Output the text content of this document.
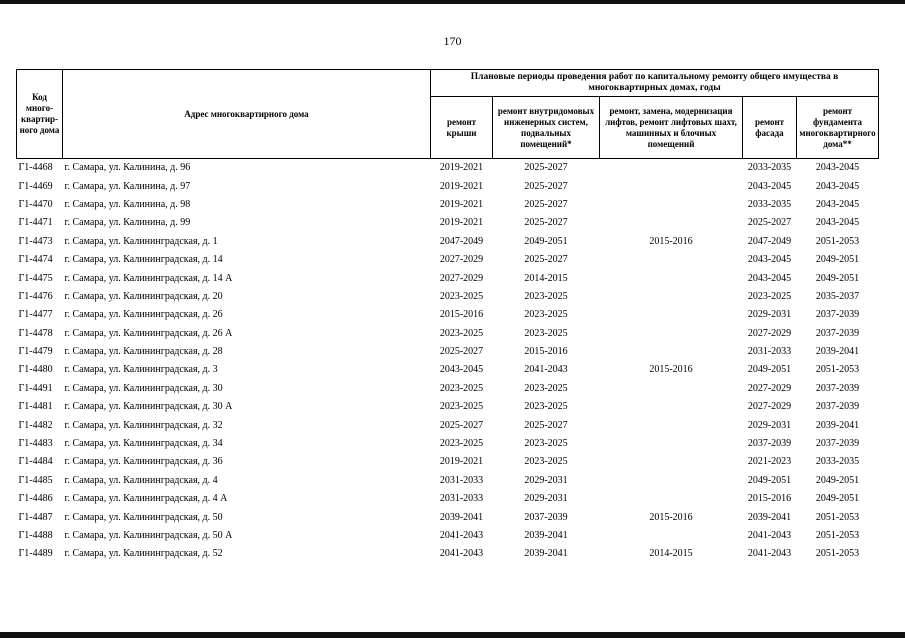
170
Код много-квартир-ного дома	Адрес многоквартирного дома	Плановые периоды проведения работ по капитальному ремонту общего имущества в многоквартирных домах, годы				
		ремонт крыши	ремонт внутридомовых инженерных систем, подвальных помещений*	ремонт, замена, модернизация лифтов, ремонт лифтовых шахт, машинных и блочных помещений	ремонт фасада	ремонт фундамента многоквартирного дома**
Г1-4468	г. Самара, ул. Калинина, д. 96	2019-2021	2025-2027		2033-2035	2043-2045
Г1-4469	г. Самара, ул. Калинина, д. 97	2019-2021	2025-2027		2043-2045	2043-2045
Г1-4470	г. Самара, ул. Калинина, д. 98	2019-2021	2025-2027		2033-2035	2043-2045
Г1-4471	г. Самара, ул. Калинина, д. 99	2019-2021	2025-2027		2025-2027	2043-2045
Г1-4473	г. Самара, ул. Калининградская, д. 1	2047-2049	2049-2051	2015-2016	2047-2049	2051-2053
Г1-4474	г. Самара, ул. Калининградская, д. 14	2027-2029	2025-2027		2043-2045	2049-2051
Г1-4475	г. Самара, ул. Калининградская, д. 14 А	2027-2029	2014-2015		2043-2045	2049-2051
Г1-4476	г. Самара, ул. Калининградская, д. 20	2023-2025	2023-2025		2023-2025	2035-2037
Г1-4477	г. Самара, ул. Калининградская, д. 26	2015-2016	2023-2025		2029-2031	2037-2039
Г1-4478	г. Самара, ул. Калининградская, д. 26 А	2023-2025	2023-2025		2027-2029	2037-2039
Г1-4479	г. Самара, ул. Калининградская, д. 28	2025-2027	2015-2016		2031-2033	2039-2041
Г1-4480	г. Самара, ул. Калининградская, д. 3	2043-2045	2041-2043	2015-2016	2049-2051	2051-2053
Г1-4491	г. Самара, ул. Калининградская, д. 30	2023-2025	2023-2025		2027-2029	2037-2039
Г1-4481	г. Самара, ул. Калининградская, д. 30 А	2023-2025	2023-2025		2027-2029	2037-2039
Г1-4482	г. Самара, ул. Калининградская, д. 32	2025-2027	2025-2027		2029-2031	2039-2041
Г1-4483	г. Самара, ул. Калининградская, д. 34	2023-2025	2023-2025		2037-2039	2037-2039
Г1-4484	г. Самара, ул. Калининградская, д. 36	2019-2021	2023-2025		2021-2023	2033-2035
Г1-4485	г. Самара, ул. Калининградская, д. 4	2031-2033	2029-2031		2049-2051	2049-2051
Г1-4486	г. Самара, ул. Калининградская, д. 4 А	2031-2033	2029-2031		2015-2016	2049-2051
Г1-4487	г. Самара, ул. Калининградская, д. 50	2039-2041	2037-2039	2015-2016	2039-2041	2051-2053
Г1-4488	г. Самара, ул. Калининградская, д. 50 А	2041-2043	2039-2041		2041-2043	2051-2053
Г1-4489	г. Самара, ул. Калининградская, д. 52	2041-2043	2039-2041	2014-2015	2041-2043	2051-2053
